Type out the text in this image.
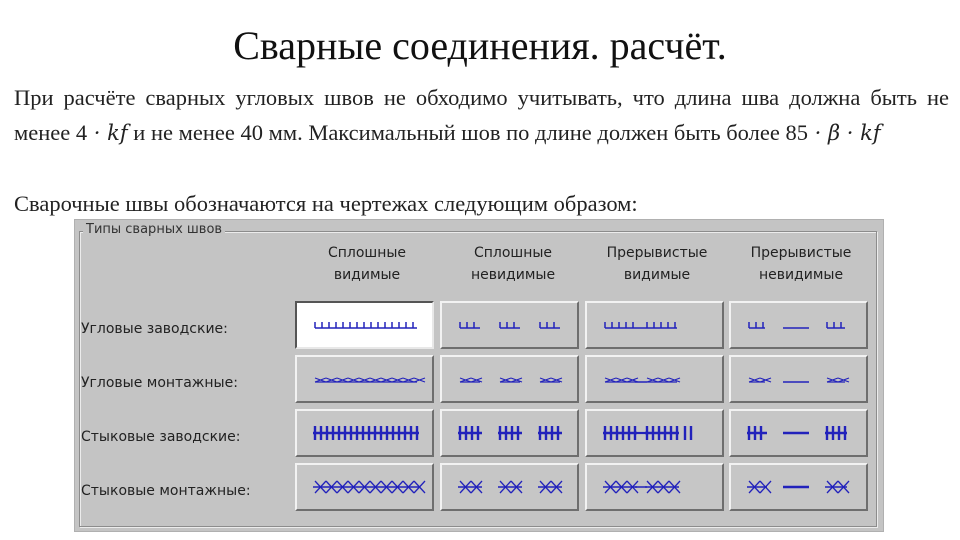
Сварные соединения. расчёт.
При расчёте сварных угловых швов не обходимо учитывать, что длина шва должна быть не менее 4 · kf и не менее 40 мм. Максимальный шов по длине должен быть более 85 · β · kf
Сварочные швы обозначаются на чертежах следующим образом:
Типы сварных швов
Сплошные видимые
Сплошные невидимые
Прерывистые видимые
Прерывистые невидимые
Угловые заводские:
Угловые монтажные:
Стыковые заводские:
Стыковые монтажные:
